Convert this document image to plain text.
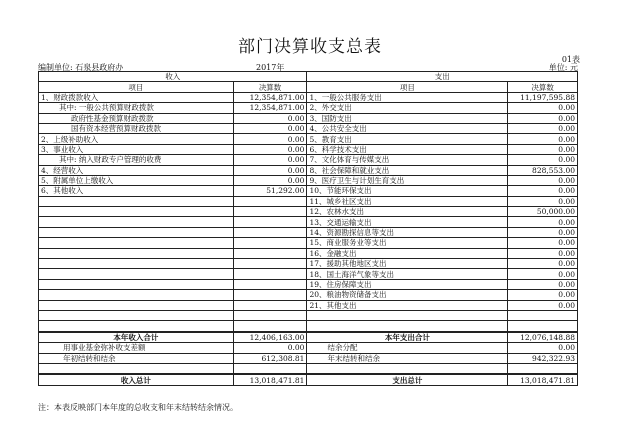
部门决算收支总表
01表
编制单位: 石泉县政府办	2017年	单位: 元
收入		支出	
项目	决算数	项目	决算数
1、财政拨款收入	12,354,871.00	1、一般公共服务支出	11,197,595.88
其中: 一般公共预算财政拨款	12,354,871.00	2、外交支出	0.00
政府性基金预算财政拨款	0.00	3、国防支出	0.00
国有资本经营预算财政拨款	0.00	4、公共安全支出	0.00
2、上级补助收入	0.00	5、教育支出	0.00
3、事业收入	0.00	6、科学技术支出	0.00
其中: 纳入财政专户管理的收费	0.00	7、文化体育与传媒支出	0.00
4、经营收入	0.00	8、社会保障和就业支出	828,553.00
5、附属单位上缴收入	0.00	9、医疗卫生与计划生育支出	0.00
6、其他收入	51,292.00	10、节能环保支出	0.00
		11、城乡社区支出	0.00
		12、农林水支出	50,000.00
		13、交通运输支出	0.00
		14、资源勘探信息等支出	0.00
		15、商业服务业等支出	0.00
		16、金融支出	0.00
		17、援助其他地区支出	0.00
		18、国土海洋气象等支出	0.00
		19、住房保障支出	0.00
		20、粮油物资储备支出	0.00
		21、其他支出	0.00

本年收入合计	12,406,163.00	本年支出合计	12,076,148.88
用事业基金弥补收支差额	0.00	结余分配	0.00
年初结转和结余	612,308.81	年末结转和结余	942,322.93

收入总计	13,018,471.81	支出总计	13,018,471.81
注：本表反映部门本年度的总收支和年末结转结余情况。
